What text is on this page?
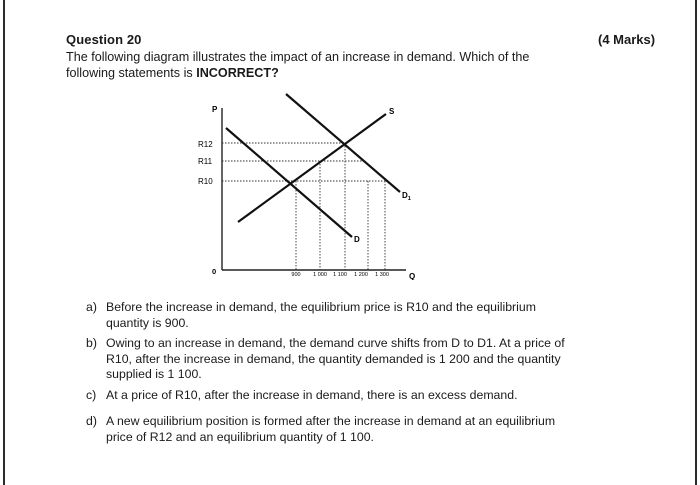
Question 20	(4 Marks)
The following diagram illustrates the impact of an increase in demand. Which of the following statements is INCORRECT?
P
Q
0
R12
R11
R10
S
D
$D_1$
900 1 000 1 100 1 200 1 300
a) Before the increase in demand, the equilibrium price is R10 and the equilibrium quantity is 900.
b) Owing to an increase in demand, the demand curve shifts from D to D1. At a price of R10, after the increase in demand, the quantity demanded is 1 200 and the quantity supplied is 1 100.
c) At a price of R10, after the increase in demand, there is an excess demand.
d) A new equilibrium position is formed after the increase in demand at an equilibrium price of R12 and an equilibrium quantity of 1 100.
